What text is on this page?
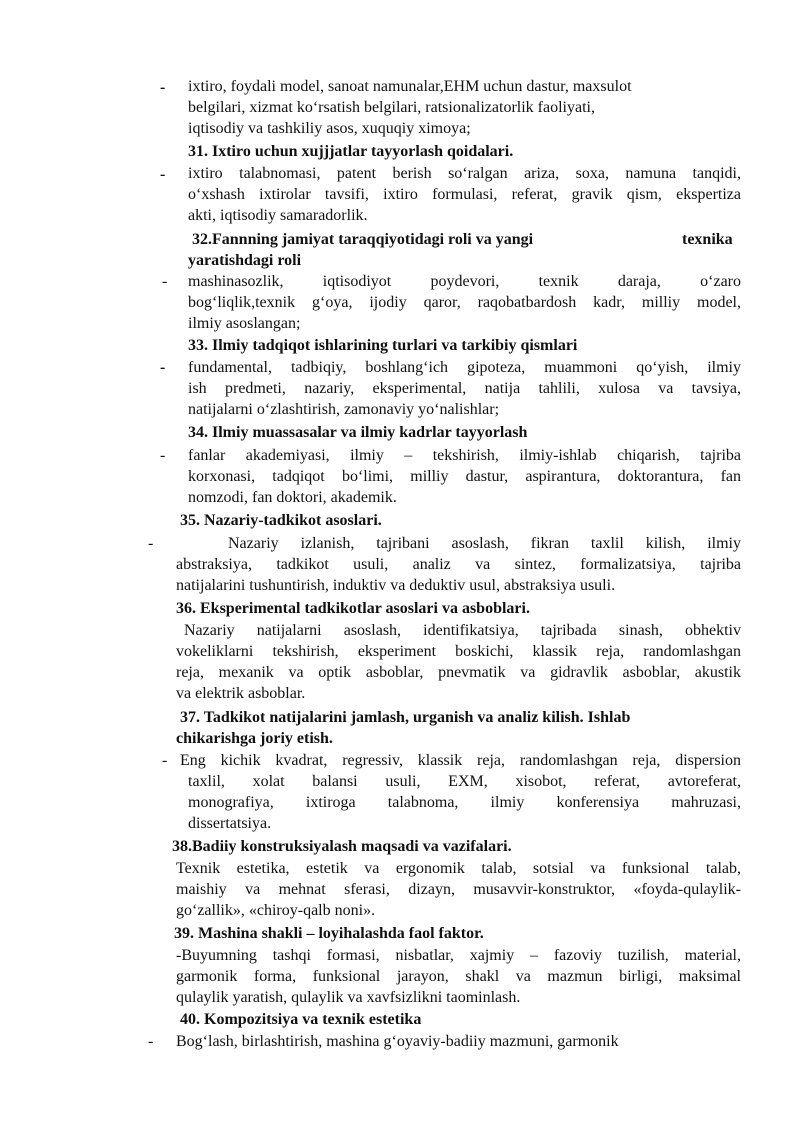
- ixtiro, foydali model, sanoat namunalar,EHM uchun dastur, maxsulot
belgilari, xizmat ko‘rsatish belgilari, ratsionalizatorlik faoliyati,
iqtisodiy va tashkiliy asos, xuquqiy ximoya;
31. Ixtiro uchun xujjjatlar tayyorlash qoidalari.
- ixtiro talabnomasi, patent berish so‘ralgan ariza, soxa, namuna tanqidi,
o‘xshash ixtirolar tavsifi, ixtiro formulasi, referat, gravik qism, ekspertiza
akti, iqtisodiy samaradorlik.
32.Fannning jamiyat taraqqiyotidagi roli va yangi	texnika
yaratishdagi roli
- mashinasozlik, iqtisodiyot poydevori, texnik daraja, o‘zaro
bog‘liqlik,texnik g‘oya, ijodiy qaror, raqobatbardosh kadr, milliy model,
ilmiy asoslangan;
33. Ilmiy tadqiqot ishlarining turlari va tarkibiy qismlari
- fundamental, tadbiqiy, boshlang‘ich gipoteza, muammoni qo‘yish, ilmiy
ish predmeti, nazariy, eksperimental, natija tahlili, xulosa va tavsiya,
natijalarni o‘zlashtirish, zamonaviy yo‘nalishlar;
34. Ilmiy muassasalar va ilmiy kadrlar tayyorlash
- fanlar akademiyasi, ilmiy – tekshirish, ilmiy-ishlab chiqarish, tajriba
korxonasi, tadqiqot bo‘limi, milliy dastur, aspirantura, doktorantura, fan
nomzodi, fan doktori, akademik.
35. Nazariy-tadkikot asoslari.
-	Nazariy izlanish, tajribani asoslash, fikran taxlil kilish, ilmiy
abstraksiya, tadkikot usuli, analiz va sintez, formalizatsiya, tajriba
natijalarini tushuntirish, induktiv va deduktiv usul, abstraksiya usuli.
36. Eksperimental tadkikotlar asoslari va asboblari.
Nazariy natijalarni asoslash, identifikatsiya, tajribada sinash, obhektiv
vokeliklarni tekshirish, eksperiment boskichi, klassik reja, randomlashgan
reja, mexanik va optik asboblar, pnevmatik va gidravlik asboblar, akustik
va elektrik asboblar.
37. Tadkikot natijalarini jamlash, urganish va analiz kilish. Ishlab
chikarishga joriy etish.
- Eng kichik kvadrat, regressiv, klassik reja, randomlashgan reja, dispersion
taxlil, xolat balansi usuli, EXM, xisobot, referat, avtoreferat,
monografiya, ixtiroga talabnoma, ilmiy konferensiya mahruzasi,
dissertatsiya.
38.Badiiy konstruksiyalash maqsadi va vazifalari.
Texnik estetika, estetik va ergonomik talab, sotsial va funksional talab,
maishiy va mehnat sferasi, dizayn, musavvir-konstruktor, «foyda-qulaylik-
go‘zallik», «chiroy-qalb noni».
39. Mashina shakli – loyihalashda faol faktor.
-Buyumning tashqi formasi, nisbatlar, xajmiy – fazoviy tuzilish, material,
garmonik forma, funksional jarayon, shakl va mazmun birligi, maksimal
qulaylik yaratish, qulaylik va xavfsizlikni taominlash.
40. Kompozitsiya va texnik estetika
- Bog‘lash, birlashtirish, mashina g‘oyaviy-badiiy mazmuni, garmonik
